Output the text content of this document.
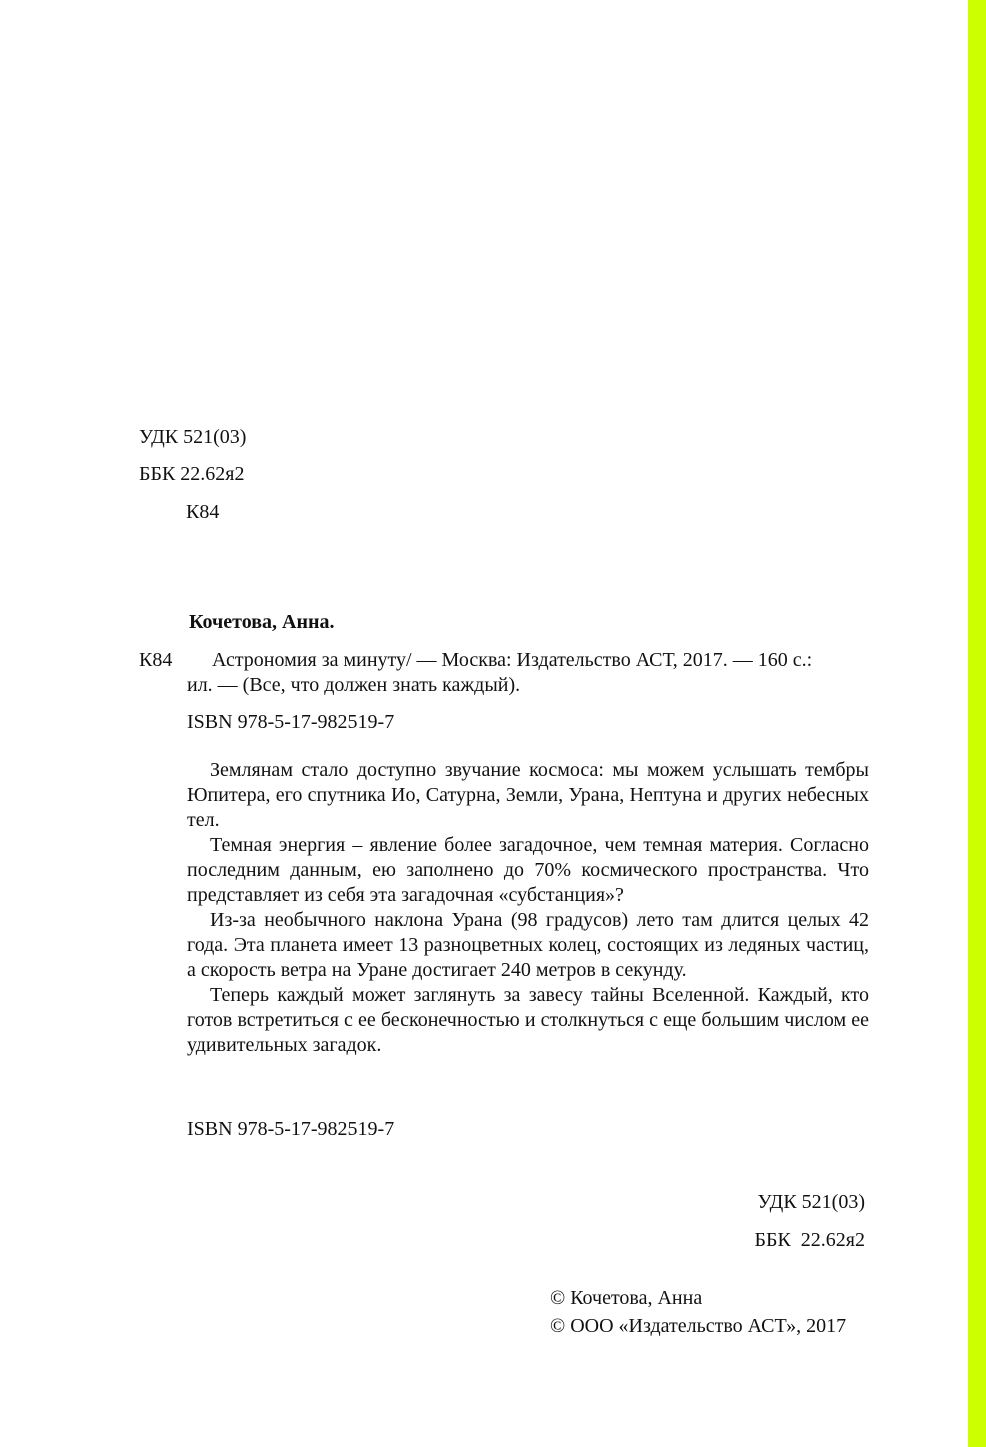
УДК 521(03)
ББК 22.62я2
К84
Кочетова, Анна.
К84 Астрономия за минуту/ — Москва: Издательство АСТ, 2017. — 160 с.:
ил. — (Все, что должен знать каждый).
ISBN 978-5-17-982519-7

Землянам стало доступно звучание космоса: мы можем услышать тембры Юпитера, его спутника Ио, Сатурна, Земли, Урана, Нептуна и других небесных тел.

Темная энергия – явление более загадочное, чем темная материя. Согласно последним данным, ею заполнено до 70% космического пространства. Что представляет из себя эта загадочная «субстанция»?

Из-за необычного наклона Урана (98 градусов) лето там длится целых 42 года. Эта планета имеет 13 разноцветных колец, состоящих из ледяных частиц, а скорость ветра на Уране достигает 240 метров в секунду.

Теперь каждый может заглянуть за завесу тайны Вселенной. Каждый, кто готов встретиться с ее бесконечностью и столкнуться с еще большим числом ее удивительных загадок.

ISBN 978-5-17-982519-7
УДК 521(03)
ББК  22.62я2
© Кочетова, Анна
© ООО «Издательство АСТ», 2017
